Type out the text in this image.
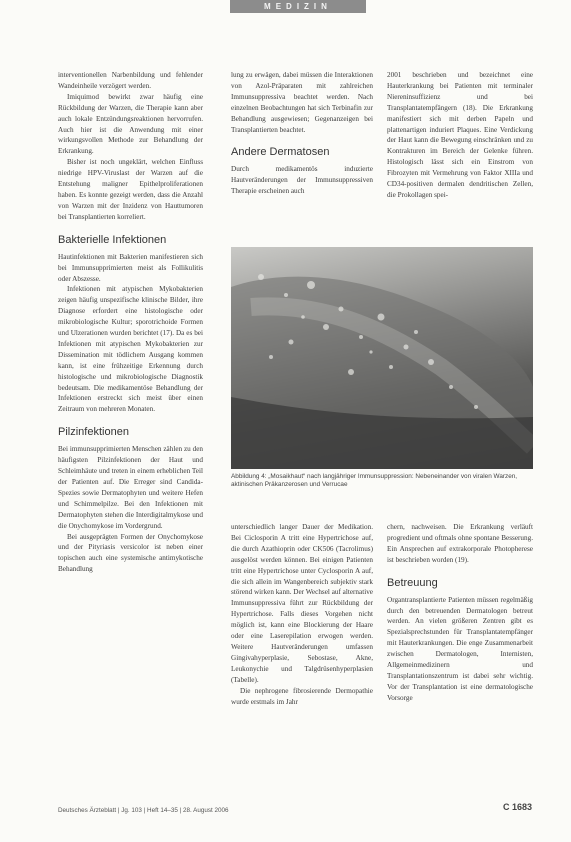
MEDIZIN

interventionellen Narbenbildung und fehlender Wandeinheile verzögert werden.

Imiquimod bewirkt zwar häufig eine Rückbildung der Warzen, die Therapie kann aber auch lokale Entzündungsreaktionen hervorrufen. Auch hier ist die Anwendung mit einer wirkungsvollen Methode zur Behandlung der Erkrankung.

Bisher ist noch ungeklärt, welchen Einfluss niedrige HPV-Viruslast der Warzen auf die Entstehung maligner Epithelproliferationen haben. Es konnte gezeigt werden, dass die Anzahl von Warzen mit der Inzidenz von Hauttumoren bei Transplantierten korreliert.

Bakterielle Infektionen

Hautinfektionen mit Bakterien manifestieren sich bei Immunsupprimierten meist als Follikulitis oder Abszesse.

Infektionen mit atypischen Mykobakterien zeigen häufig unspezifische klinische Bilder, ihre Diagnose erfordert eine histologische oder mikrobiologische Kultur; sporotrichoide Formen und Ulzerationen wurden berichtet (17). Da es bei Infektionen mit atypischen Mykobakterien zur Dissemination mit tödlichem Ausgang kommen kann, ist eine frühzeitige Erkennung durch histologische und mikrobiologische Diagnostik bedeutsam. Die medikamentöse Behandlung der Infektionen erstreckt sich meist über einen Zeitraum von mehreren Monaten.

Pilzinfektionen

Bei immunsupprimierten Menschen zählen zu den häufigsten Pilzinfektionen der Haut und Schleimhäute und treten in einem erheblichen Teil der Patienten auf. Die Erreger sind Candida-Spezies sowie Dermatophyten und weitere Hefen und Schimmelpilze. Bei den Infektionen mit Dermatophyten stehen die Interdigitalmykose und die Onychomykose im Vordergrund.

Bei ausgeprägten Formen der Onychomykose und der Pityriasis versicolor ist neben einer topischen auch eine systemische antimykotische Behandlung

lung zu erwägen, dabei müssen die Interaktionen von Azol-Präparaten mit zahlreichen Immunsuppressiva beachtet werden. Nach einzelnen Beobachtungen hat sich Terbinafin zur Behandlung ausgewiesen; Gegenanzeigen bei Transplantierten beachtet.

Andere Dermatosen

Durch medikamentös induzierte Hautveränderungen der Immunsuppressiven Therapie erscheinen auch

2001 beschrieben und bezeichnet eine Hauterkrankung bei Patienten mit terminaler Niereninsuffizienz und bei Transplantatempfängern (18). Die Erkrankung manifestiert sich mit derben Papeln und plattenartigen induriert Plaques. Eine Verdickung der Haut kann die Bewegung einschränken und zu Kontrakturen im Bereich der Gelenke führen. Histologisch lässt sich ein Einstrom von Fibrozyten mit Vermehrung von Faktor XIIIa und CD34-positiven dermalen dendritischen Zellen, die Prokollagen spei-

Abbildung 4: „Mosaikhaut“ nach langjähriger Immunsuppression: Nebeneinander von viralen Warzen, aktinischen Präkanzerosen und Verrucae

unterschiedlich langer Dauer der Medikation. Bei Ciclosporin A tritt eine Hypertrichose auf, die durch Azathioprin oder CK506 (Tacrolimus) ausgelöst werden können. Bei einigen Patienten tritt eine Hypertrichose unter Cyclosporin A auf, die sich allein im Wangenbereich subjektiv stark störend wirken kann. Der Wechsel auf alternative Immunsuppressiva führt zur Rückbildung der Hypertrichose. Falls dieses Vorgehen nicht möglich ist, kann eine Blockierung der Haare oder eine Laserepilation erwogen werden. Weitere Hautveränderungen umfassen Gingivahyperplasie, Sebostase, Akne, Leukonychie und Talgdrüsenhyperplasien (Tabelle).

Die nephrogene fibrosierende Dermopathie wurde erstmals im Jahr

chern, nachweisen. Die Erkrankung verläuft progredient und oftmals ohne spontane Besserung. Ein Ansprechen auf extrakorporale Photopherese ist beschrieben worden (19).

Betreuung

Organtransplantierte Patienten müssen regelmäßig durch den betreuenden Dermatologen betreut werden. An vielen größeren Zentren gibt es Spezialsprechstunden für Transplantatempfänger mit Hauterkrankungen. Die enge Zusammenarbeit zwischen Dermatologen, Internisten, Allgemeinmedizinern und Transplantationszentrum ist dabei sehr wichtig. Vor der Transplantation ist eine dermatologische Vorsorge

Deutsches Ärzteblatt | Jg. 103 | Heft 14–35 | 28. August 2006	C 1683
